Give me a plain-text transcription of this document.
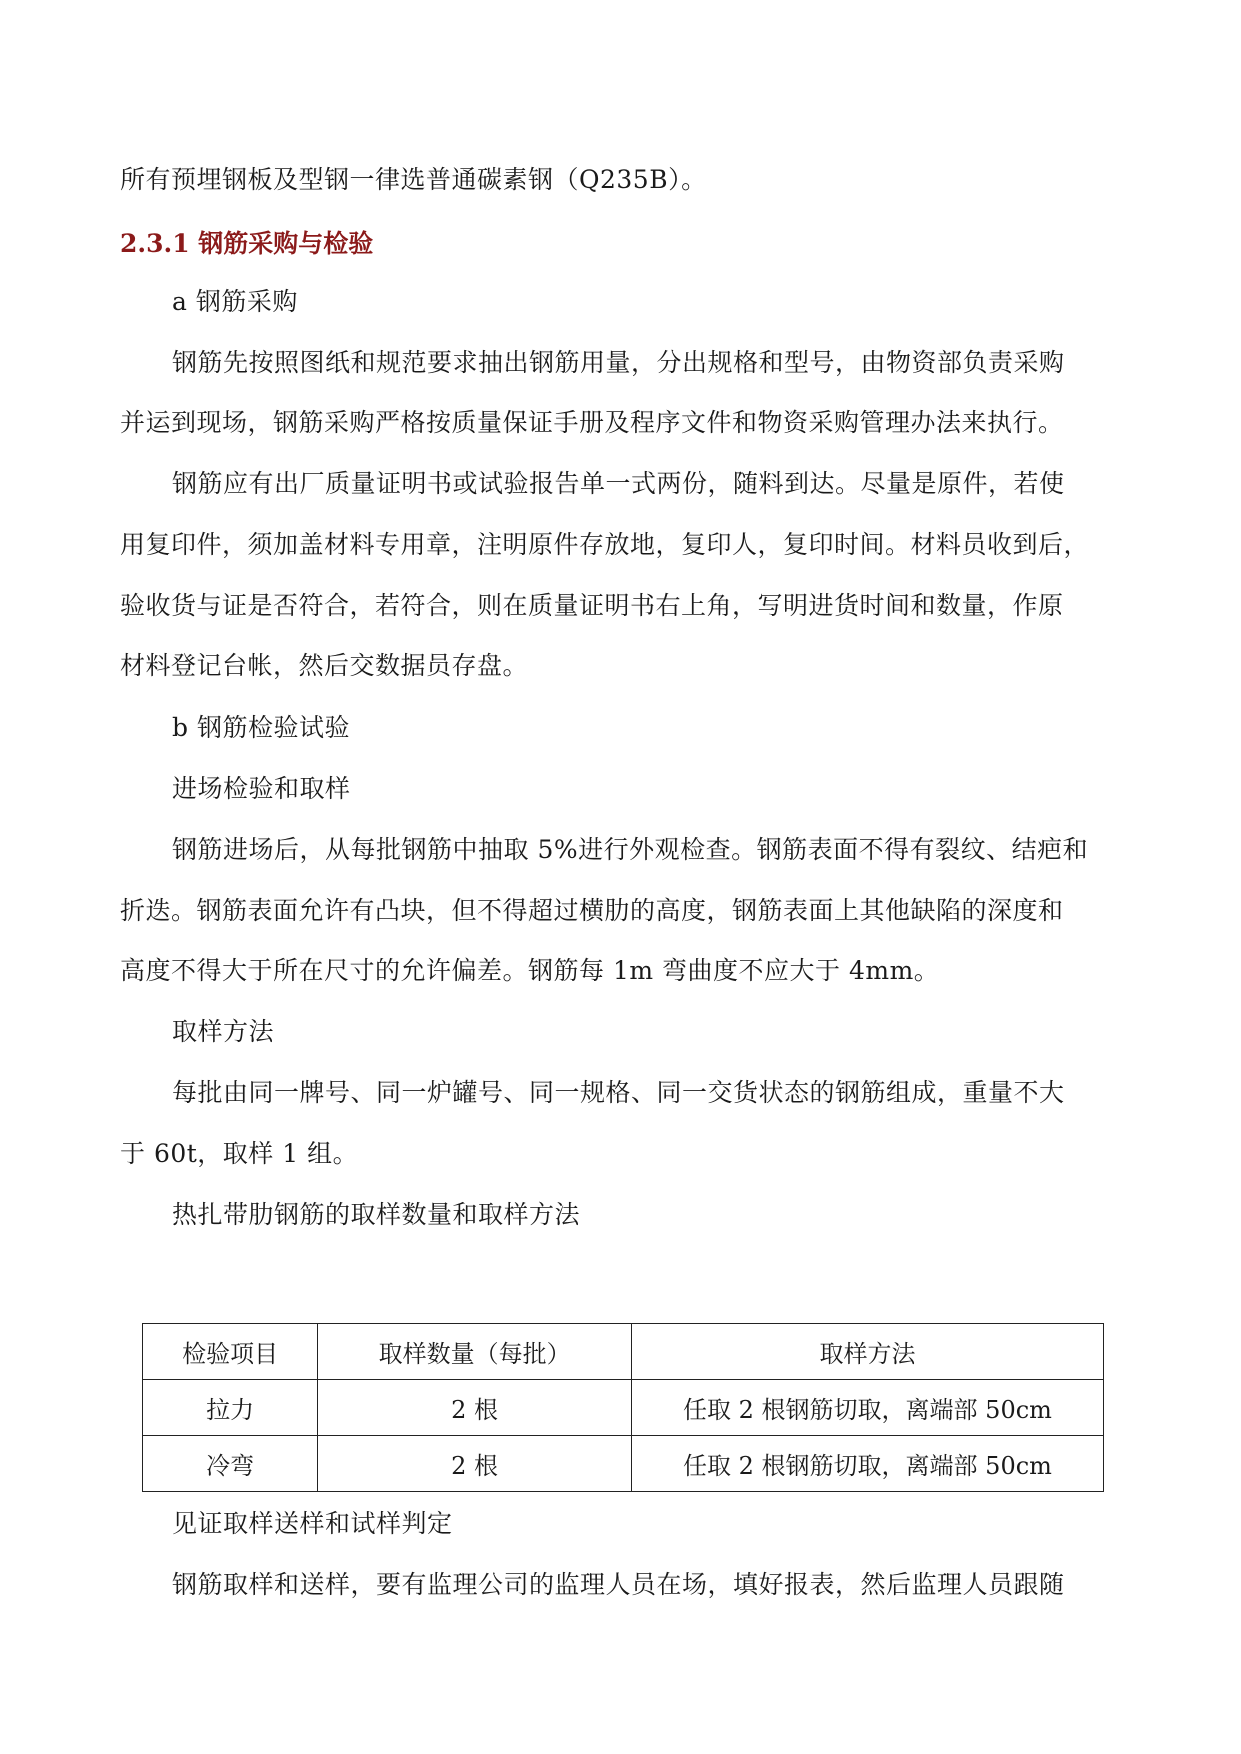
所有预埋钢板及型钢一律选普通碳素钢（Q235B）。
2.3.1 钢筋采购与检验
a 钢筋采购
钢筋先按照图纸和规范要求抽出钢筋用量，分出规格和型号，由物资部负责采购
并运到现场，钢筋采购严格按质量保证手册及程序文件和物资采购管理办法来执行。
钢筋应有出厂质量证明书或试验报告单一式两份，随料到达。尽量是原件，若使
用复印件，须加盖材料专用章，注明原件存放地，复印人，复印时间。材料员收到后，
验收货与证是否符合，若符合，则在质量证明书右上角，写明进货时间和数量，作原
材料登记台帐，然后交数据员存盘。
b 钢筋检验试验
进场检验和取样
钢筋进场后，从每批钢筋中抽取 5%进行外观检查。钢筋表面不得有裂纹、结疤和
折迭。钢筋表面允许有凸块，但不得超过横肋的高度，钢筋表面上其他缺陷的深度和
高度不得大于所在尺寸的允许偏差。钢筋每 1m 弯曲度不应大于 4mm。
取样方法
每批由同一牌号、同一炉罐号、同一规格、同一交货状态的钢筋组成，重量不大
于 60t，取样 1 组。
热扎带肋钢筋的取样数量和取样方法
检验项目	取样数量（每批）	取样方法
拉力	2 根	任取 2 根钢筋切取，离端部 50cm
冷弯	2 根	任取 2 根钢筋切取，离端部 50cm
见证取样送样和试样判定
钢筋取样和送样，要有监理公司的监理人员在场，填好报表，然后监理人员跟随
